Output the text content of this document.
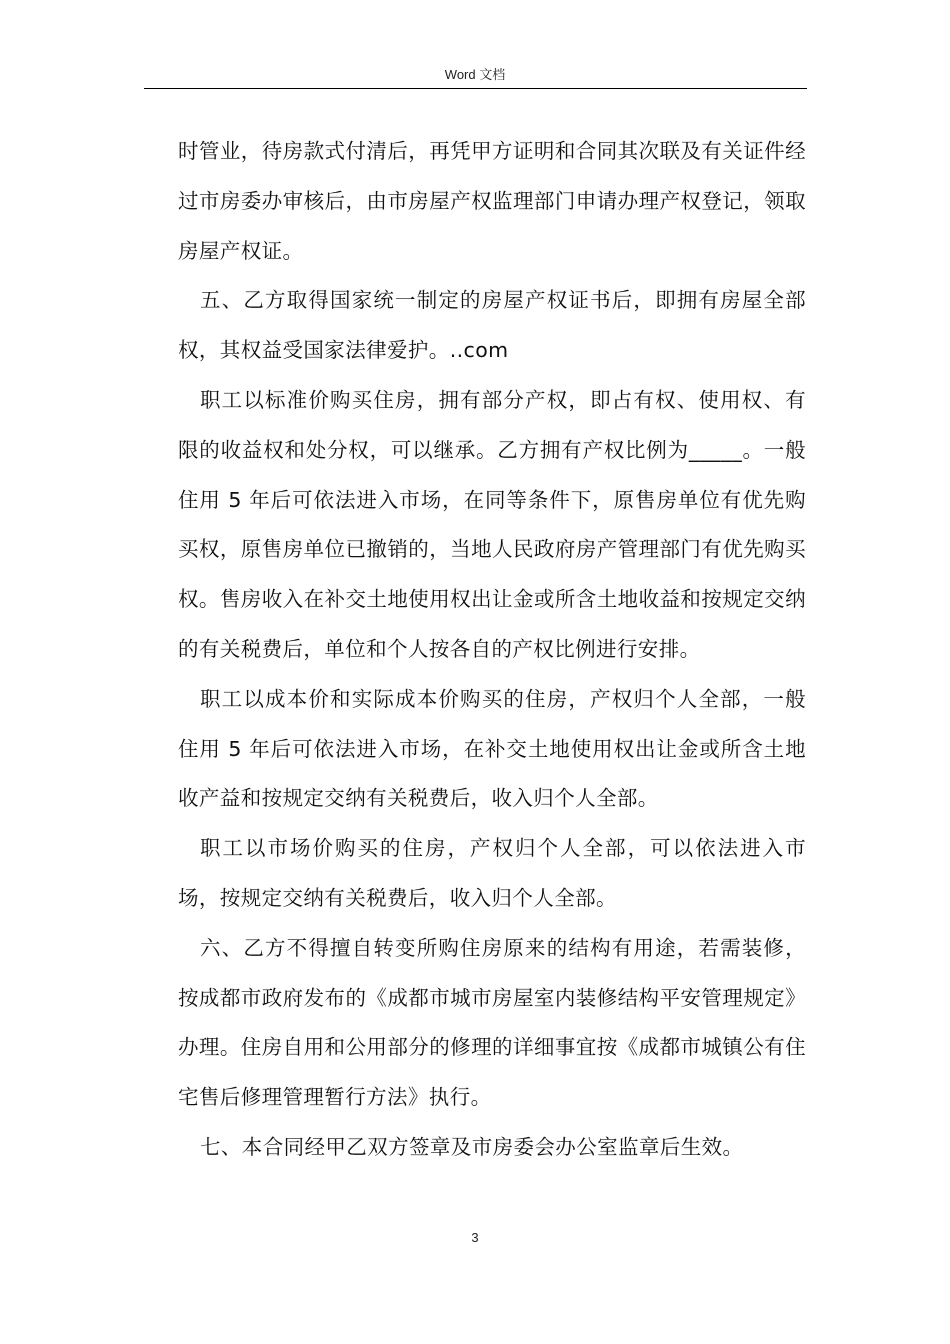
Word 文档

时管业，待房款式付清后，再凭甲方证明和合同其次联及有关证件经过市房委办审核后，由市房屋产权监理部门申请办理产权登记，领取房屋产权证。

五、乙方取得国家统一制定的房屋产权证书后，即拥有房屋全部权，其权益受国家法律爱护。..com

职工以标准价购买住房，拥有部分产权，即占有权、使用权、有限的收益权和处分权，可以继承。乙方拥有产权比例为_____。一般住用 5 年后可依法进入市场，在同等条件下，原售房单位有优先购买权，原售房单位已撤销的，当地人民政府房产管理部门有优先购买权。售房收入在补交土地使用权出让金或所含土地收益和按规定交纳的有关税费后，单位和个人按各自的产权比例进行安排。

职工以成本价和实际成本价购买的住房，产权归个人全部，一般住用 5 年后可依法进入市场，在补交土地使用权出让金或所含土地收产益和按规定交纳有关税费后，收入归个人全部。

职工以市场价购买的住房，产权归个人全部，可以依法进入市场，按规定交纳有关税费后，收入归个人全部。

六、乙方不得擅自转变所购住房原来的结构有用途，若需装修，按成都市政府发布的《成都市城市房屋室内装修结构平安管理规定》办理。住房自用和公用部分的修理的详细事宜按《成都市城镇公有住宅售后修理管理暂行方法》执行。

七、本合同经甲乙双方签章及市房委会办公室监章后生效。

3
